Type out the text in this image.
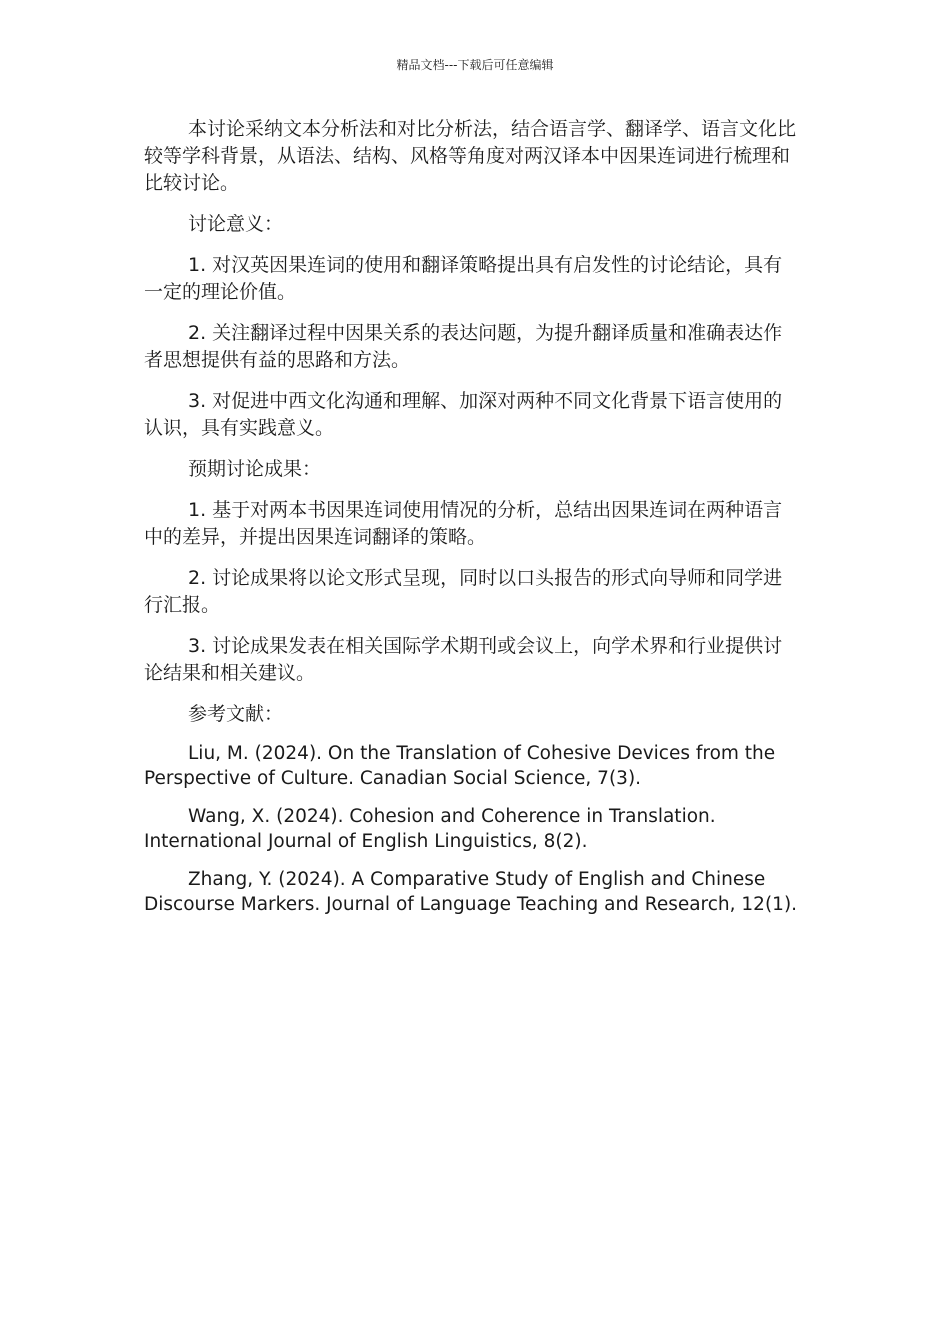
精品文档---下载后可任意编辑

本讨论采纳文本分析法和对比分析法，结合语言学、翻译学、语言文化比较等学科背景，从语法、结构、风格等角度对两汉译本中因果连词进行梳理和比较讨论。

讨论意义：

1. 对汉英因果连词的使用和翻译策略提出具有启发性的讨论结论，具有一定的理论价值。

2. 关注翻译过程中因果关系的表达问题，为提升翻译质量和准确表达作者思想提供有益的思路和方法。

3. 对促进中西文化沟通和理解、加深对两种不同文化背景下语言使用的认识，具有实践意义。

预期讨论成果：

1. 基于对两本书因果连词使用情况的分析，总结出因果连词在两种语言中的差异，并提出因果连词翻译的策略。

2. 讨论成果将以论文形式呈现，同时以口头报告的形式向导师和同学进行汇报。

3. 讨论成果发表在相关国际学术期刊或会议上，向学术界和行业提供讨论结果和相关建议。

参考文献：

Liu, M. (2024). On the Translation of Cohesive Devices from the Perspective of Culture. Canadian Social Science, 7(3).

Wang, X. (2024). Cohesion and Coherence in Translation. International Journal of English Linguistics, 8(2).

Zhang, Y. (2024). A Comparative Study of English and Chinese Discourse Markers. Journal of Language Teaching and Research, 12(1).
